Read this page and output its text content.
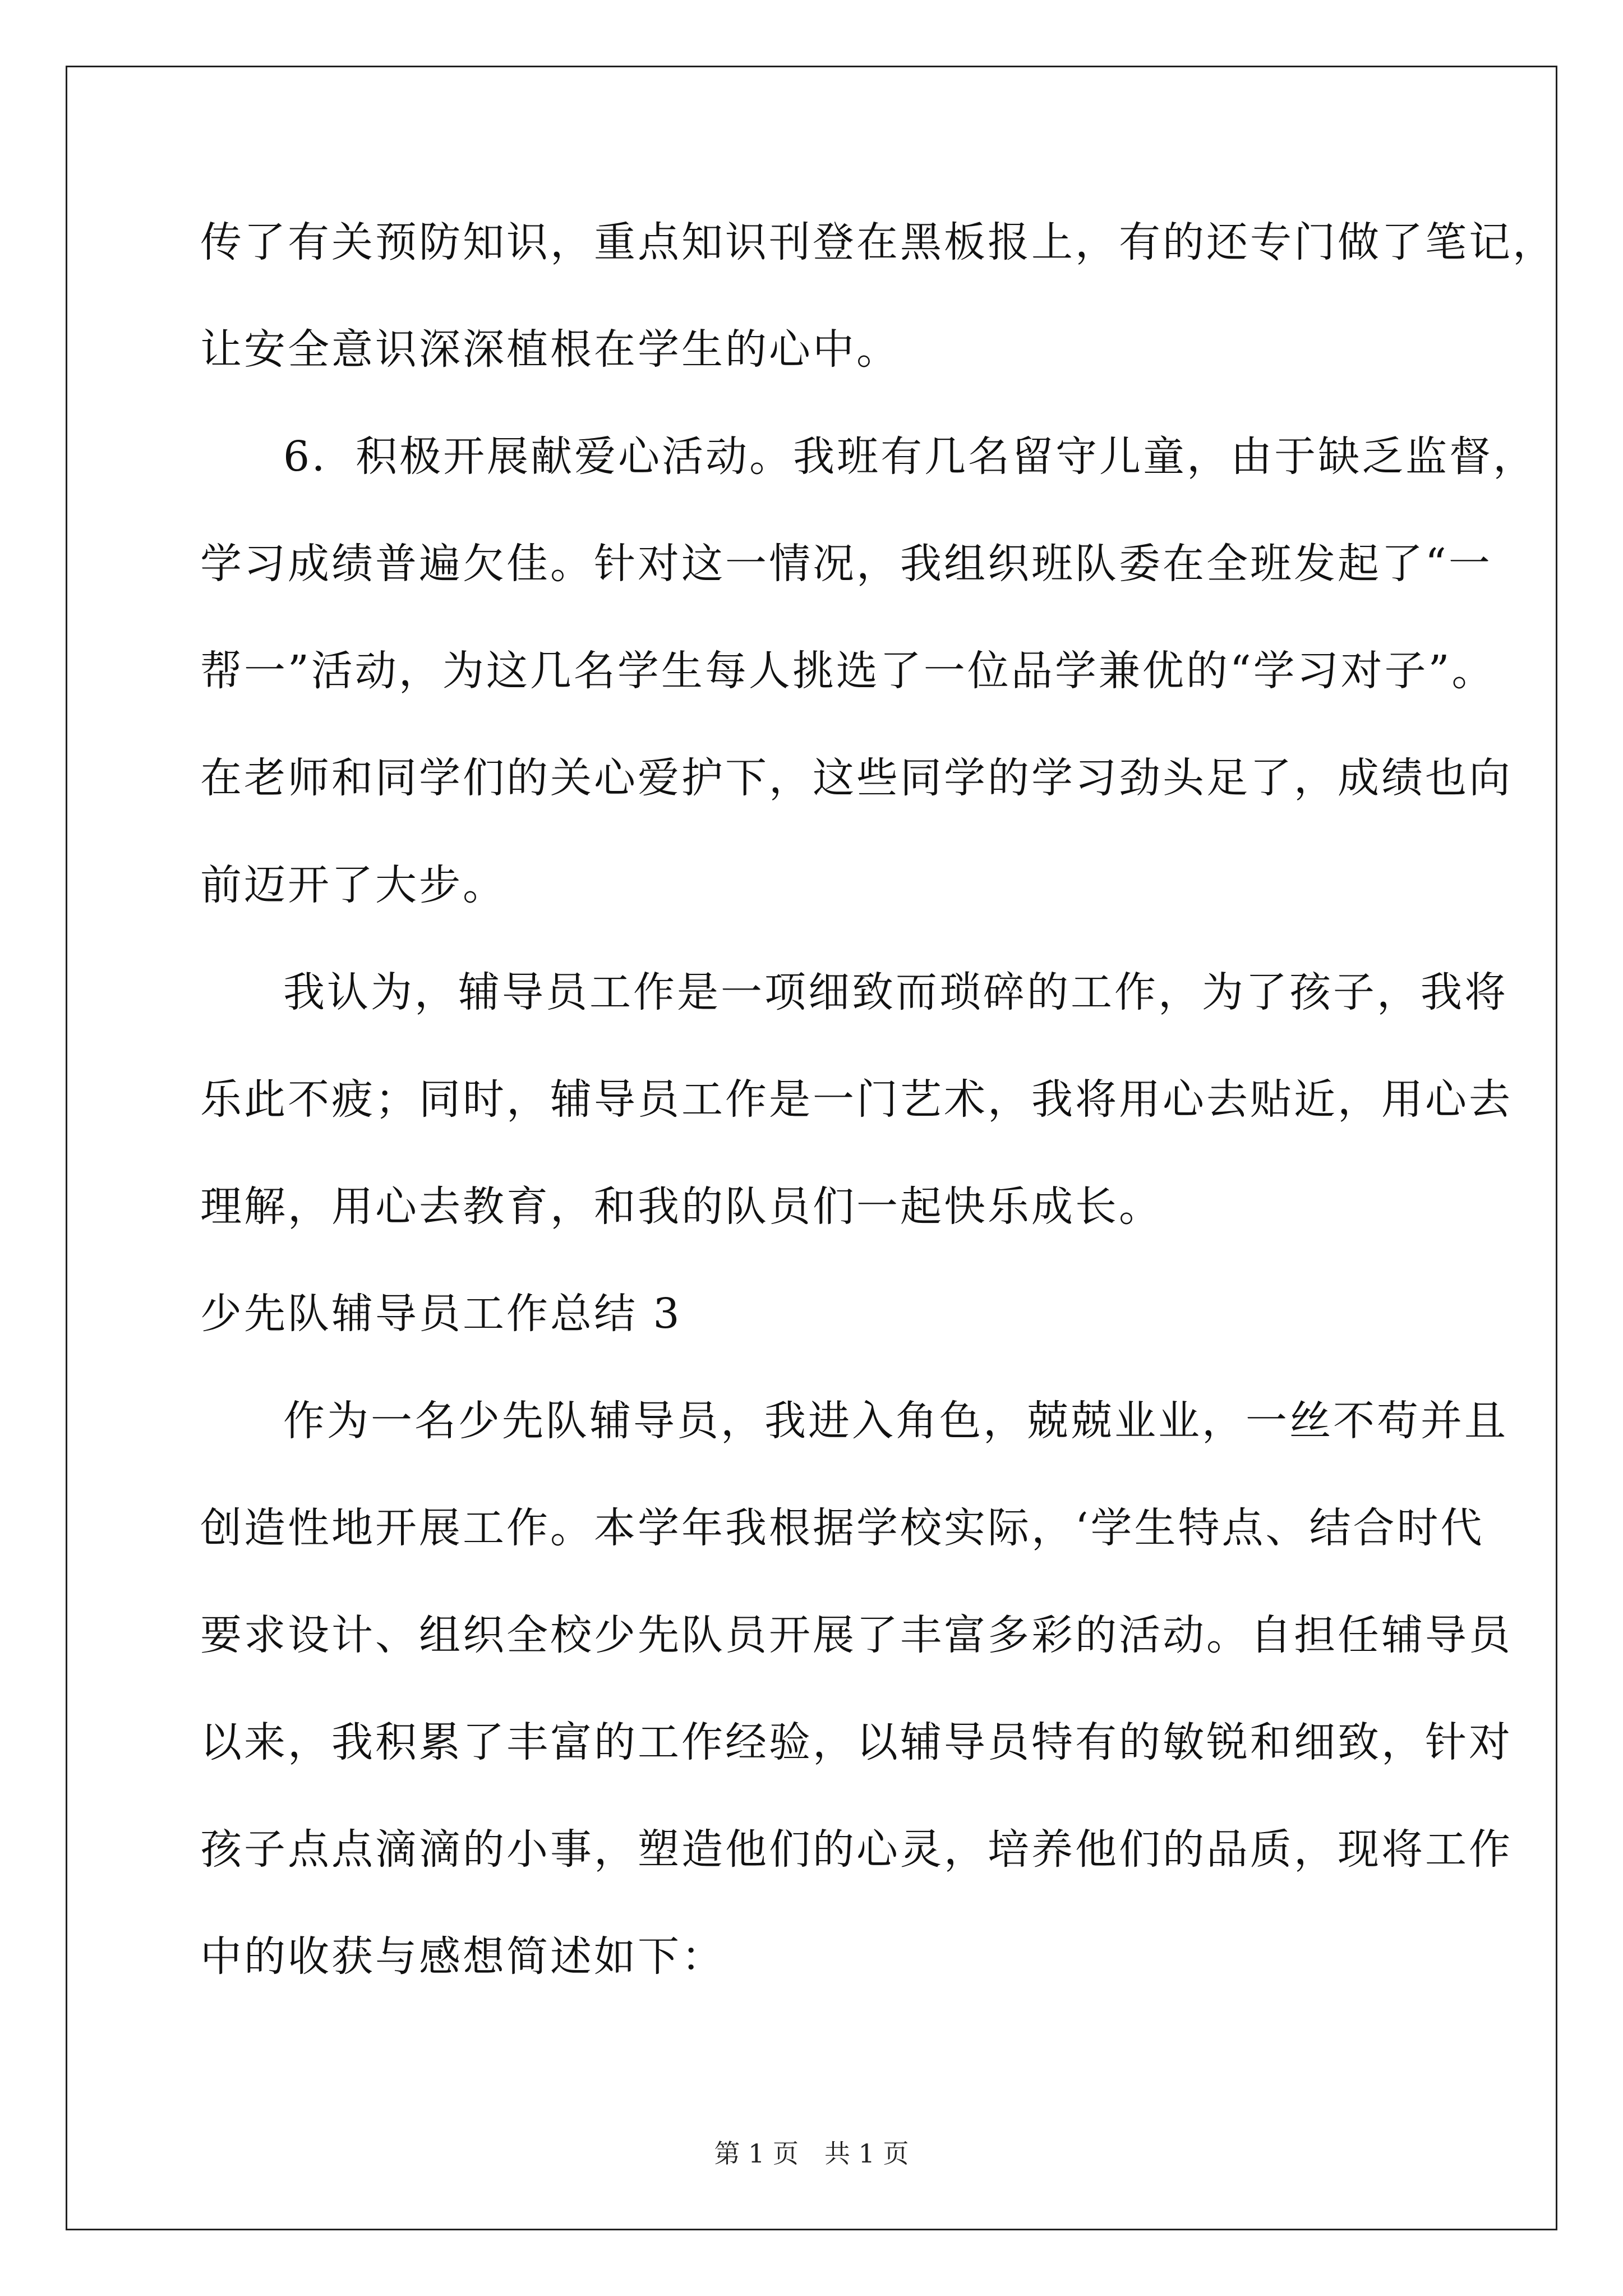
传了有关预防知识，重点知识刊登在黑板报上，有的还专门做了笔记，
让安全意识深深植根在学生的心中。
6．积极开展献爱心活动。我班有几名留守儿童，由于缺乏监督，
学习成绩普遍欠佳。针对这一情况，我组织班队委在全班发起了“一
帮一”活动，为这几名学生每人挑选了一位品学兼优的“学习对子”。
在老师和同学们的关心爱护下，这些同学的学习劲头足了，成绩也向
前迈开了大步。
我认为，辅导员工作是一项细致而琐碎的工作，为了孩子，我将
乐此不疲；同时，辅导员工作是一门艺术，我将用心去贴近，用心去
理解，用心去教育，和我的队员们一起快乐成长。
少先队辅导员工作总结 3
作为一名少先队辅导员，我进入角色，兢兢业业，一丝不苟并且
创造性地开展工作。本学年我根据学校实际，‘学生特点、结合时代
要求设计、组织全校少先队员开展了丰富多彩的活动。自担任辅导员
以来，我积累了丰富的工作经验，以辅导员特有的敏锐和细致，针对
孩子点点滴滴的小事，塑造他们的心灵，培养他们的品质，现将工作
中的收获与感想简述如下：
第 1 页　共 1 页
